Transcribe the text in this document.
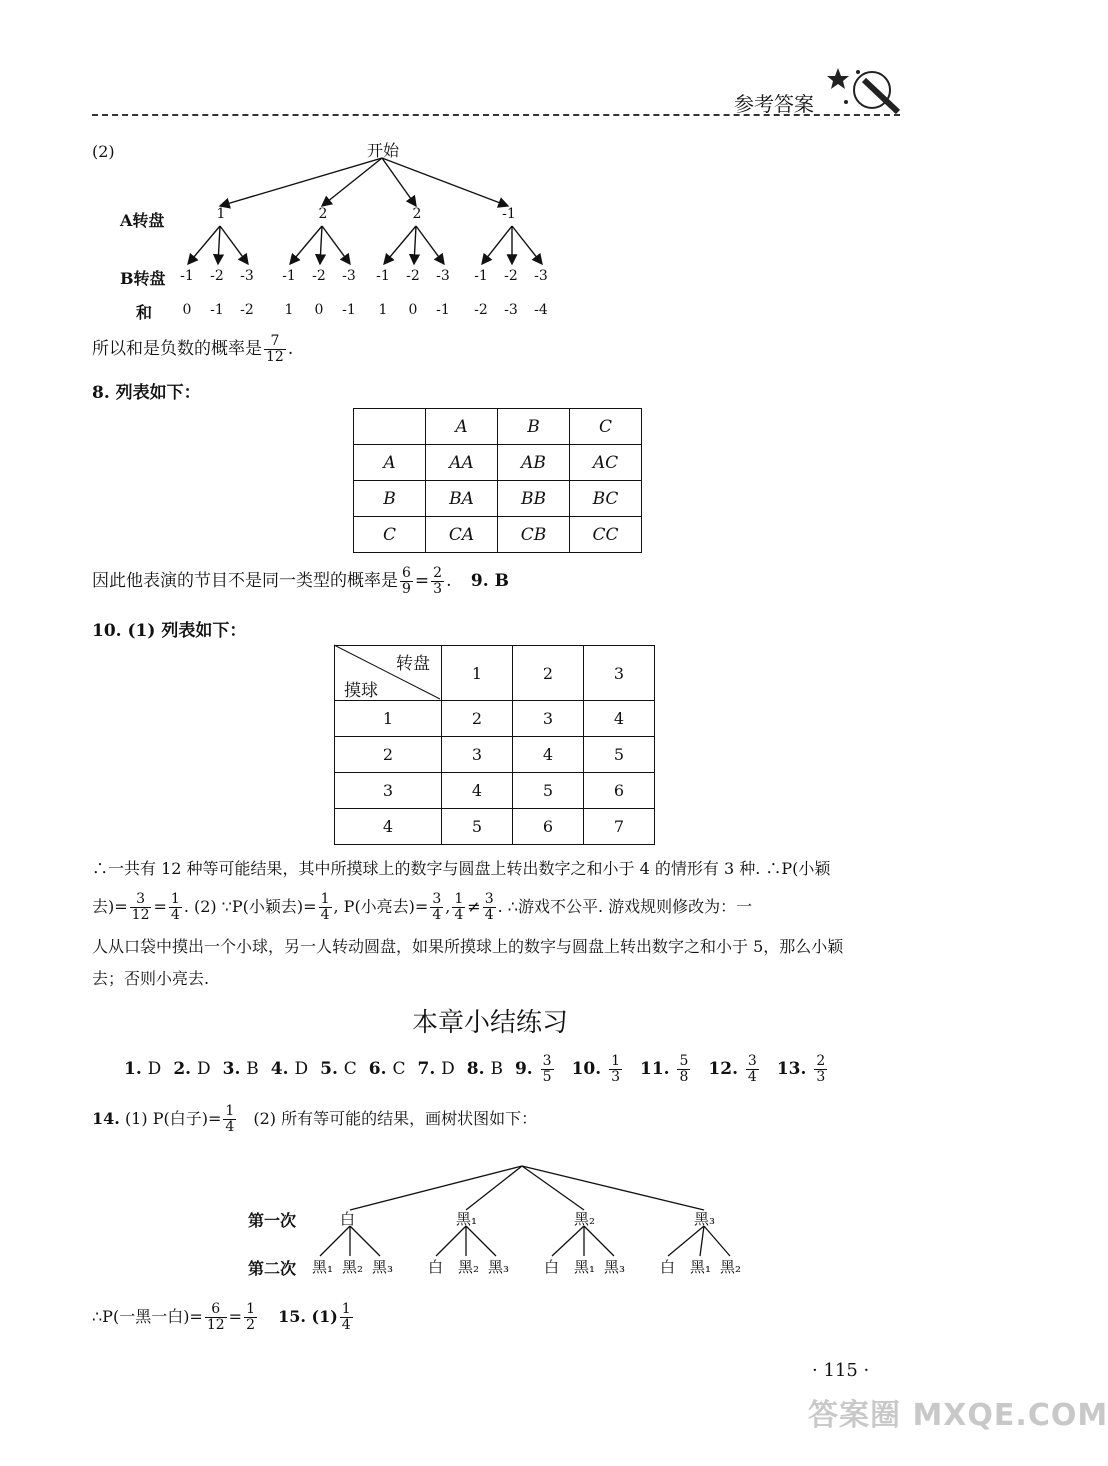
参考答案
(2)	开始
A转盘
B转盘
和
1	2	2	-1
-1	-2	-3	-1	-2	-3	-1	-2	-3	-1	-2	-3
0	-1	-2	1	0	-1	1	0	-1	-2	-3	-4
所以和是负数的概率是 $\frac{7}{12}$ .
8. 列表如下：
	A	B	C
A	AA	AB	AC
B	BA	BB	BC
C	CA	CB	CC
因此他表演的节目不是同一类型的概率是 $\frac{6}{9} = \frac{2}{3}$ . 9. B
10. (1) 列表如下：
转盘
摸球
	1	2	3
1	2	3	4
2	3	4	5
3	4	5	6
4	5	6	7
∴一共有 12 种等可能结果，其中所摸球上的数字与圆盘上转出数字之和小于 4 的情形有 3 种. ∴P(小颖
去)= $\frac{3}{12} = \frac{1}{4}$ . (2) ∵P(小颖去)= $\frac{1}{4}$ , P(小亮去)= $\frac{3}{4}$ , $\frac{1}{4} \ne \frac{3}{4}$ . ∴游戏不公平. 游戏规则修改为：一
人从口袋中摸出一个小球，另一人转动圆盘，如果所摸球上的数字与圆盘上转出数字之和小于 5，那么小颖
去；否则小亮去.
本章小结练习
1. D 2. D 3. B 4. D 5. C 6. C 7. D 8. B 9. $\frac{3}{5} 10$. $\frac{1}{3} 11$. $\frac{5}{8} 12$. $\frac{3}{4} 13$. $\frac{2}{3}$
14. (1) P(白子)= $\frac{1}{4} (2)$ 所有等可能的结果，画树状图如下：
第一次
第二次
白	黑₁	黑₂	黑₃
黑₁ 黑₂ 黑₃ 白 黑₂ 黑₃ 白 黑₁ 黑₃ 白 黑₁ 黑₂
∴P(一黑一白)= $\frac{6}{12} = \frac{1}{2} 15$. $(1) \frac{1}{4}$
· 115 ·
答案圈 MXQE.COM
